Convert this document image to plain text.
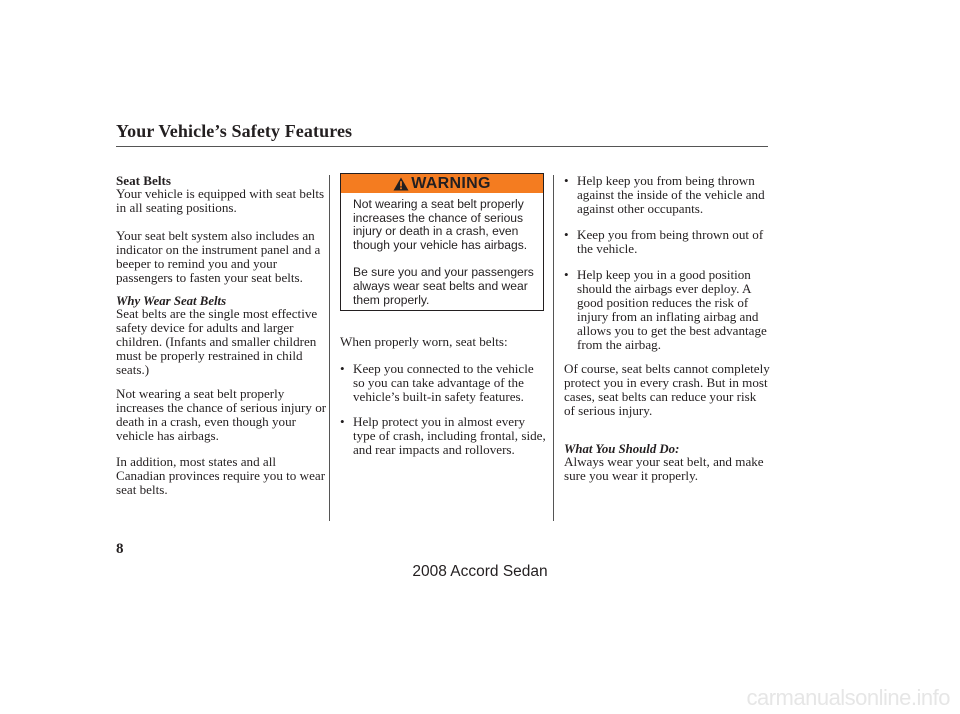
Your Vehicle’s Safety Features
Seat Belts

Your vehicle is equipped with seat belts in all seating positions.

Your seat belt system also includes an indicator on the instrument panel and a beeper to remind you and your passengers to fasten your seat belts.

Why Wear Seat Belts

Seat belts are the single most effective safety device for adults and larger children. (Infants and smaller children must be properly restrained in child seats.)

Not wearing a seat belt properly increases the chance of serious injury or death in a crash, even though your vehicle has airbags.

In addition, most states and all Canadian provinces require you to wear seat belts.

WARNING

Not wearing a seat belt properly increases the chance of serious injury or death in a crash, even though your vehicle has airbags.

Be sure you and your passengers always wear seat belts and wear them properly.

When properly worn, seat belts:

• Keep you connected to the vehicle so you can take advantage of the vehicle’s built-in safety features.
• Help protect you in almost every type of crash, including frontal, side, and rear impacts and rollovers.
• Help keep you from being thrown against the inside of the vehicle and against other occupants.
• Keep you from being thrown out of the vehicle.
• Help keep you in a good position should the airbags ever deploy. A good position reduces the risk of injury from an inflating airbag and allows you to get the best advantage from the airbag.

Of course, seat belts cannot completely protect you in every crash. But in most cases, seat belts can reduce your risk of serious injury.

What You Should Do:

Always wear your seat belt, and make sure you wear it properly.

8
2008 Accord Sedan
carmanualsonline.info
